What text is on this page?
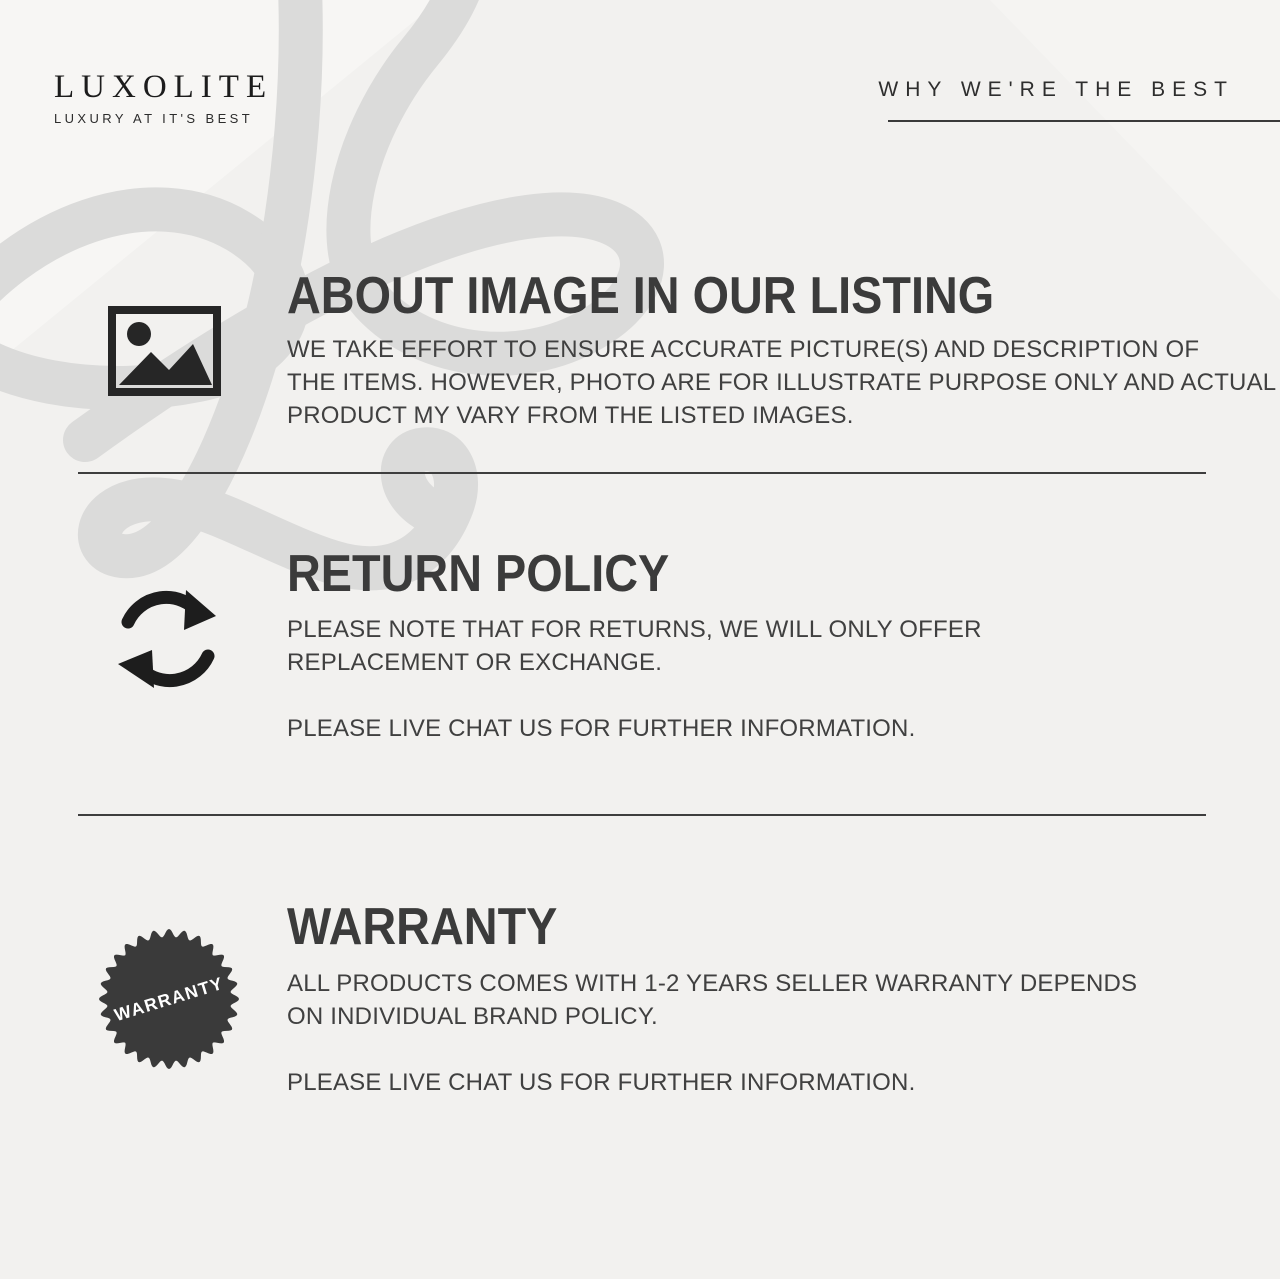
LUXOLITE
LUXURY AT IT'S BEST
WHY WE'RE THE BEST
ABOUT IMAGE IN OUR LISTING
WE TAKE EFFORT TO ENSURE ACCURATE PICTURE(S) AND DESCRIPTION OF
THE ITEMS. HOWEVER, PHOTO ARE FOR ILLUSTRATE PURPOSE ONLY AND ACTUAL
PRODUCT MY VARY FROM THE LISTED IMAGES.
RETURN POLICY
PLEASE NOTE THAT FOR RETURNS, WE WILL ONLY OFFER
REPLACEMENT OR EXCHANGE.
PLEASE LIVE CHAT US FOR FURTHER INFORMATION.
WARRANTY
WARRANTY
ALL PRODUCTS COMES WITH 1-2 YEARS SELLER WARRANTY DEPENDS
ON INDIVIDUAL BRAND POLICY.
PLEASE LIVE CHAT US FOR FURTHER INFORMATION.
